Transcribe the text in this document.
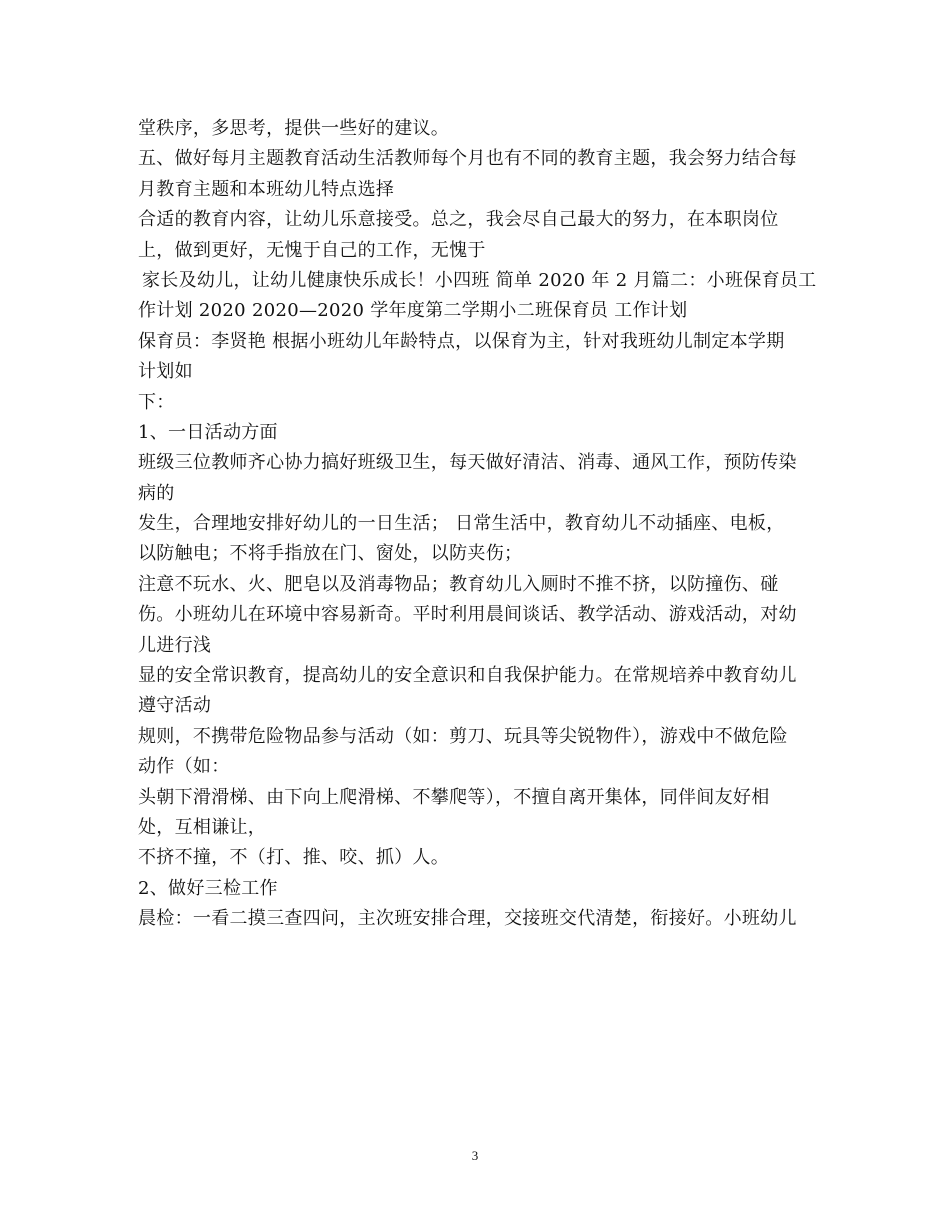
堂秩序，多思考，提供一些好的建议。
五、做好每月主题教育活动生活教师每个月也有不同的教育主题，我会努力结合每
月教育主题和本班幼儿特点选择
合适的教育内容，让幼儿乐意接受。总之，我会尽自己最大的努力，在本职岗位
上，做到更好，无愧于自己的工作，无愧于
家长及幼儿，让幼儿健康快乐成长！小四班 简单 2020 年 2 月篇二：小班保育员工
作计划 2020 2020—2020 学年度第二学期小二班保育员 工作计划
保育员：李贤艳 根据小班幼儿年龄特点，以保育为主，针对我班幼儿制定本学期
计划如
下：
1、一日活动方面
班级三位教师齐心协力搞好班级卫生，每天做好清洁、消毒、通风工作，预防传染
病的
发生，合理地安排好幼儿的一日生活； 日常生活中，教育幼儿不动插座、电板，
以防触电；不将手指放在门、窗处，以防夹伤；
注意不玩水、火、肥皂以及消毒物品；教育幼儿入厕时不推不挤，以防撞伤、碰
伤。小班幼儿在环境中容易新奇。平时利用晨间谈话、教学活动、游戏活动，对幼
儿进行浅
显的安全常识教育，提高幼儿的安全意识和自我保护能力。在常规培养中教育幼儿
遵守活动
规则，不携带危险物品参与活动（如：剪刀、玩具等尖锐物件），游戏中不做危险
动作（如：
头朝下滑滑梯、由下向上爬滑梯、不攀爬等），不擅自离开集体，同伴间友好相
处，互相谦让，
不挤不撞，不（打、推、咬、抓）人。
2、做好三检工作
晨检：一看二摸三查四问，主次班安排合理，交接班交代清楚，衔接好。小班幼儿
3
